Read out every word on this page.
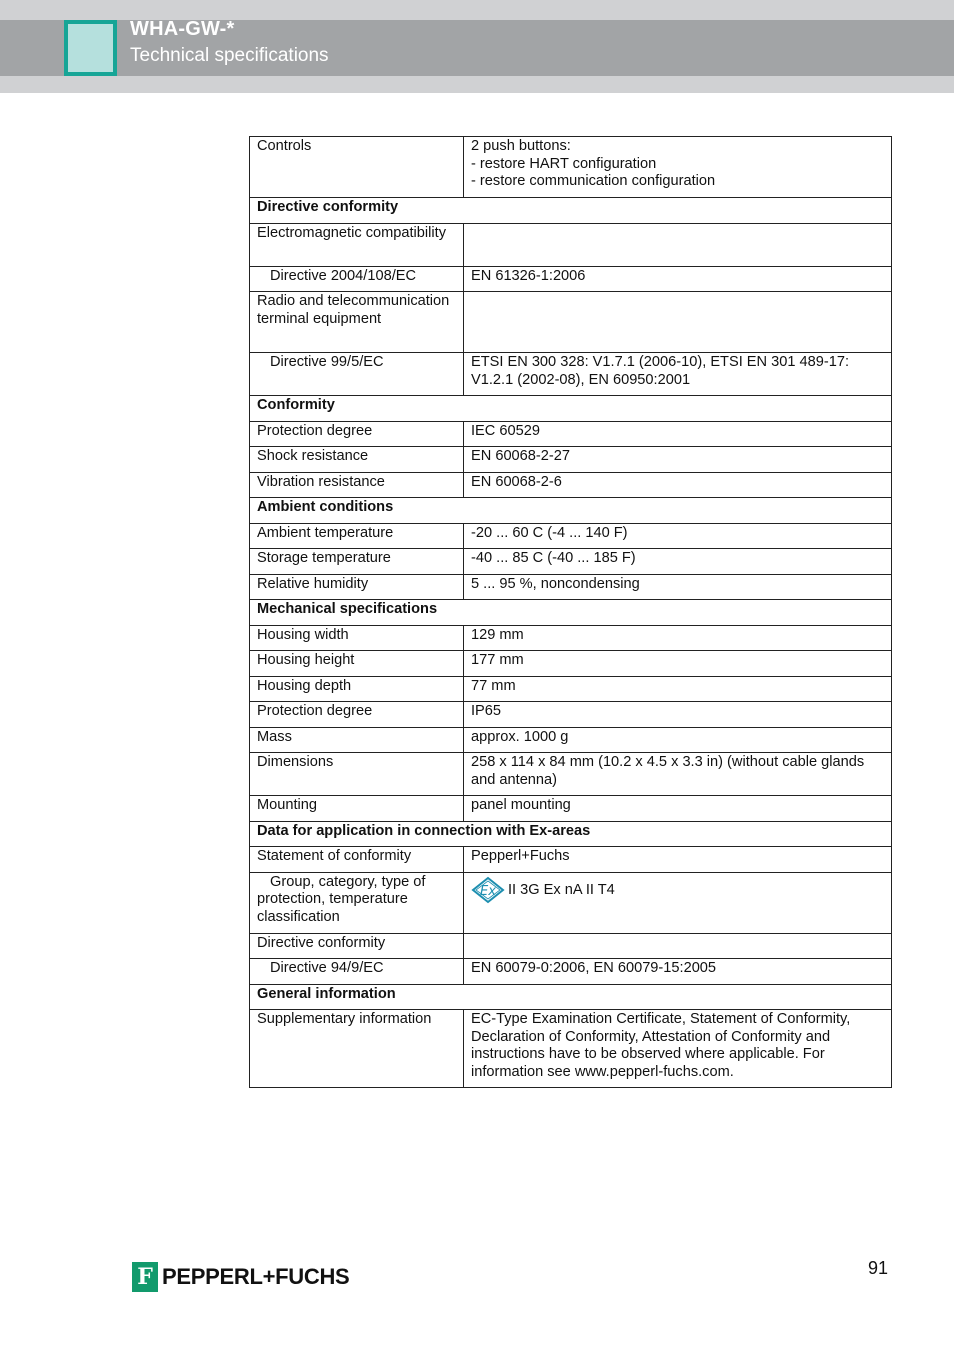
WHA-GW-*
Technical specifications
Controls	2 push buttons:
- restore HART configuration
- restore communication configuration
Directive conformity	
Electromagnetic compatibility	
Directive 2004/108/EC	EN 61326-1:2006
Radio and telecommunication terminal equipment	
Directive 99/5/EC	ETSI EN 300 328: V1.7.1 (2006-10), ETSI EN 301 489-17: V1.2.1 (2002-08), EN 60950:2001
Conformity	
Protection degree	IEC 60529
Shock resistance	EN 60068-2-27
Vibration resistance	EN 60068-2-6
Ambient conditions	
Ambient temperature	-20 ... 60 C (-4 ... 140 F)
Storage temperature	-40 ... 85 C (-40 ... 185 F)
Relative humidity	5 ... 95 %, noncondensing
Mechanical specifications	
Housing width	129 mm
Housing height	177 mm
Housing depth	77 mm
Protection degree	IP65
Mass	approx. 1000 g
Dimensions	258 x 114 x 84 mm (10.2 x 4.5 x 3.3 in) (without cable glands and antenna)
Mounting	panel mounting
Data for application in connection with Ex-areas	
Statement of conformity	Pepperl+Fuchs
Group, category, type of protection, temperature classification	Ex II 3G Ex nA II T4

Directive conformity	
Directive 94/9/EC	EN 60079-0:2006, EN 60079-15:2005
General information	
Supplementary information	EC-Type Examination Certificate, Statement of Conformity, Declaration of Conformity, Attestation of Conformity and instructions have to be observed where applicable. For information see www.pepperl-fuchs.com.
F PEPPERL+FUCHS	91
